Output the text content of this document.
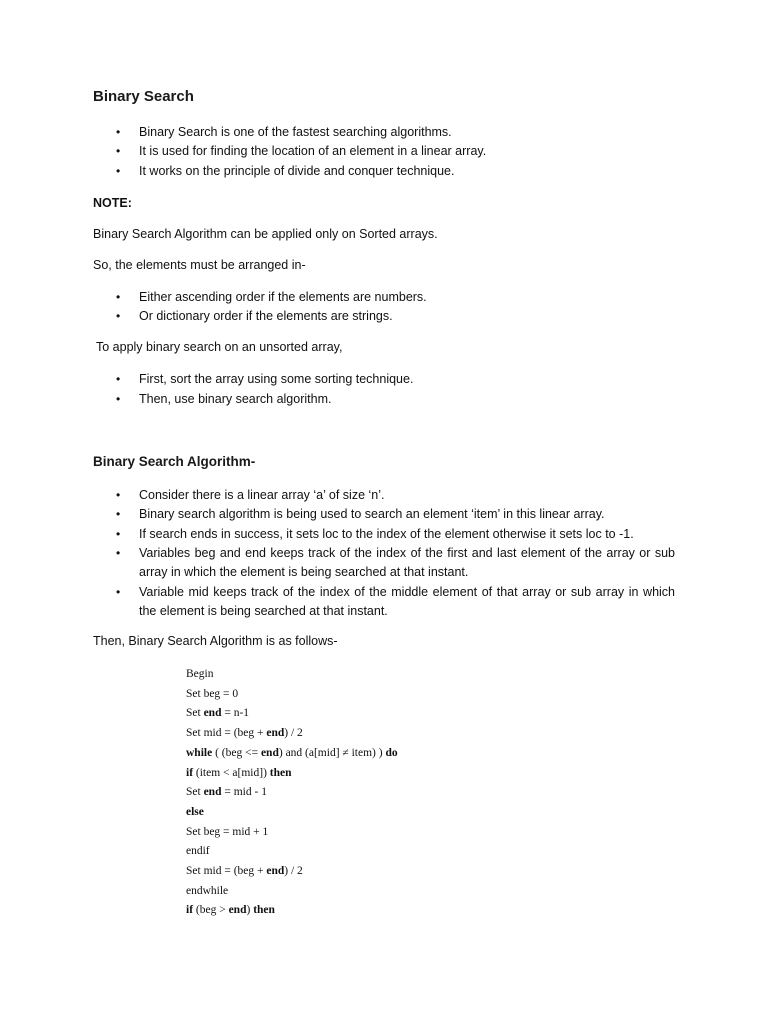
Binary Search
• Binary Search is one of the fastest searching algorithms.
• It is used for finding the location of an element in a linear array.
• It works on the principle of divide and conquer technique.

NOTE:

Binary Search Algorithm can be applied only on Sorted arrays.

So, the elements must be arranged in-

• Either ascending order if the elements are numbers.
• Or dictionary order if the elements are strings.

To apply binary search on an unsorted array,

• First, sort the array using some sorting technique.
• Then, use binary search algorithm.
Binary Search Algorithm-
• Consider there is a linear array ‘a’ of size ‘n’.
• Binary search algorithm is being used to search an element ‘item’ in this linear array.
• If search ends in success, it sets loc to the index of the element otherwise it sets loc to -1.
• Variables beg and end keeps track of the index of the first and last element of the array or sub array in which the element is being searched at that instant.
• Variable mid keeps track of the index of the middle element of that array or sub array in which the element is being searched at that instant.

Then, Binary Search Algorithm is as follows-

Begin
Set beg = 0
Set end = n-1
Set mid = (beg + end) / 2
while ( (beg <= end) and (a[mid] ≠ item) ) do
if (item < a[mid]) then
Set end = mid - 1
else
Set beg = mid + 1
endif
Set mid = (beg + end) / 2
endwhile
if (beg > end) then
